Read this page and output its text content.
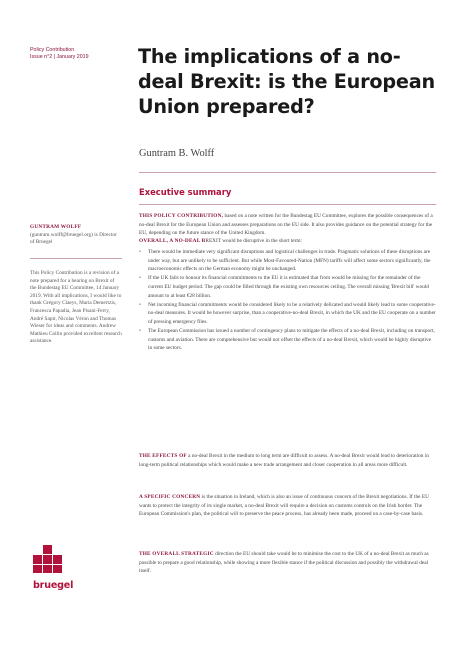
Policy Contribution
Issue n°2 | January 2019	The implications of a no-deal Brexit: is the European Union prepared?
Guntram B. Wolff
Executive summary
GUNTRAM WOLFF
(guntram.wolff@bruegel.org) is Director of Bruegel
This Policy Contribution is a revision of a note prepared for a hearing on Brexit of the Bundestag EU Committee, 14 January 2019. With all implications, I would like to thank Grégory Claeys, Maria Demertzis, Francesca Papadia, Jean Pisani-Ferry, André Sapir, Nicolas Véron and Thomas Wieser for ideas and comments. Andrew Mathieu Collin provided excellent research assistance.
THIS POLICY CONTRIBUTION, based on a note written for the Bundestag EU Committee, explores the possible consequences of a no-deal Brexit for the European Union and assesses preparations on the EU side. It also provides guidance on the potential strategy for the EU, depending on the future stance of the United Kingdom.
OVERALL, A NO-DEAL BREXIT would be disruptive in the short term:
• There would be immediate very significant disruptions and logistical challenges in trade. Pragmatic solutions of these disruptions are under way, but are unlikely to be sufficient. But while Most-Favoured-Nation (MFN) tariffs will affect some sectors significantly, the macroeconomic effects on the German economy might be unchanged.
• If the UK fails to honour its financial commitments to the EU it is estimated that from would be missing for the remainder of the current EU budget period. The gap could be filled through the existing own resources ceiling. The overall missing 'Brexit bill' would amount to at least €28 billion.
• Net incoming financial commitments would be considered likely to be a relatively delicated and would likely lead to some cooperative-no-deal measures. It would be however surprise, than a cooperative-no-deal Brexit, in which the UK and the EU cooperate on a number of pressing emergency files.
• The European Commission has issued a number of contingency plans to mitigate the effects of a no-deal Brexit, including on transport, customs and aviation. There are comprehensive but would not offset the effects of a no-deal Brexit, which would be highly disruptive in some sectors.
THE EFFECTS OF a no-deal Brexit in the medium to long term are difficult to assess. A no-deal Brexit would lead to deterioration in long-term political relationships which would make a new trade arrangement and closer cooperation in all areas more difficult.
A SPECIFIC CONCERN is the situation in Ireland, which is also an issue of continuous concern of the Brexit negotiations. If the EU wants to protect the integrity of its single market, a no-deal Brexit will require a decision on customs controls on the Irish border. The European Commission's plan, the political will to preserve the peace process, has already been made, proceed on a case-by-case basis.
THE OVERALL STRATEGIC direction the EU should take would be to minimise the cost to the UK of a no-deal Brexit as much as possible to prepare a good relationship, while showing a more flexible stance if the political discussion and possibly the withdrawal deal itself.
bruegel
